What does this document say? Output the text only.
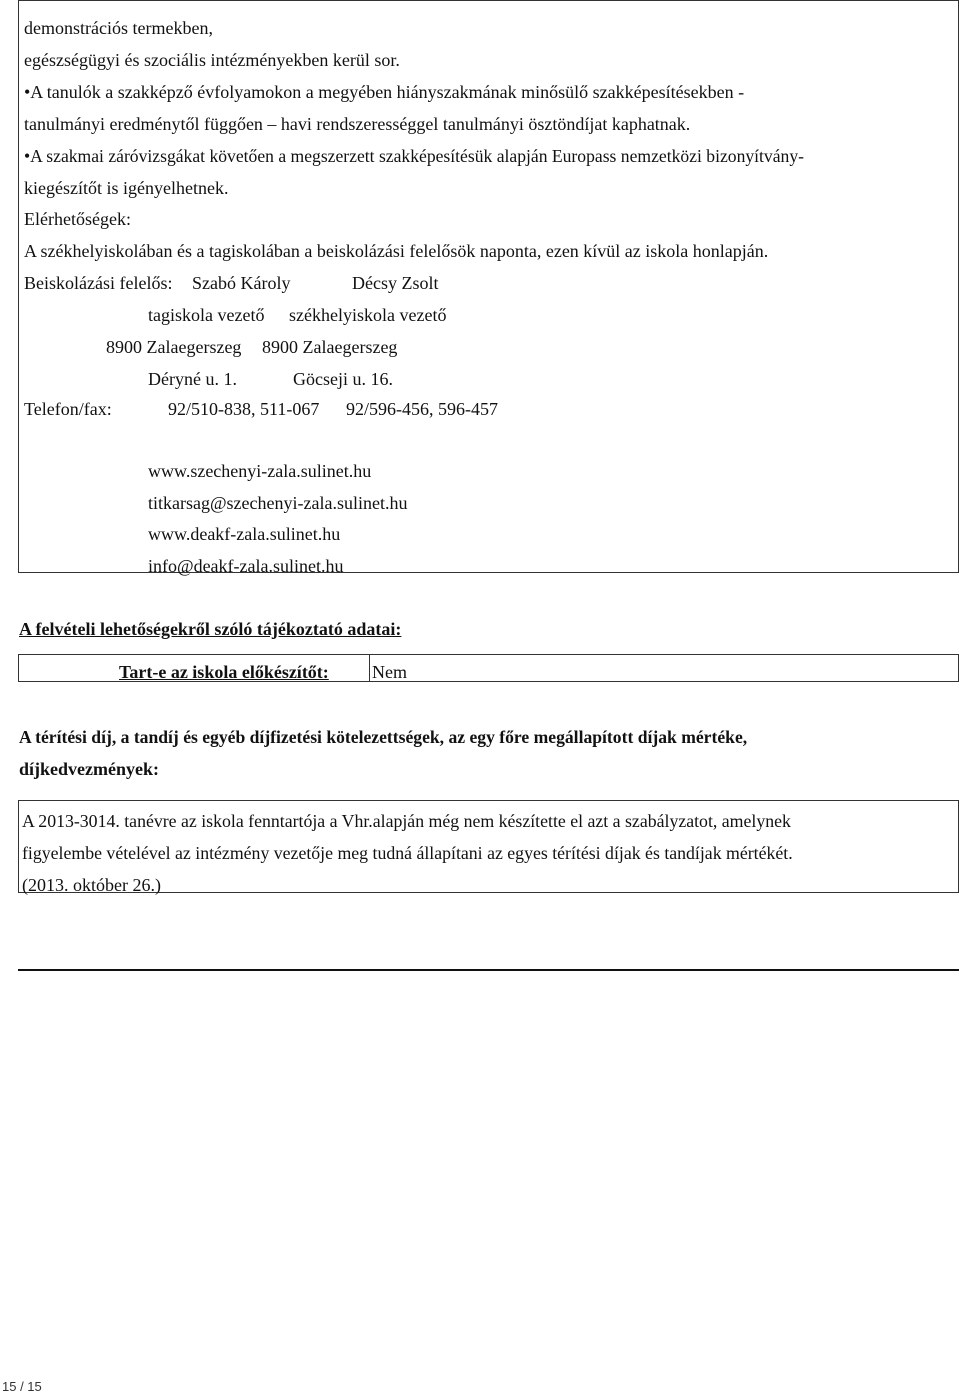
demonstrációs termekben,
egészségügyi és szociális intézményekben kerül sor.
•A tanulók a szakképző évfolyamokon a megyében hiányszakmának minősülő szakképesítésekben -
tanulmányi eredménytől függően – havi rendszerességgel tanulmányi ösztöndíjat kaphatnak.
•A szakmai záróvizsgákat követően a megszerzett szakképesítésük alapján Europass nemzetközi bizonyítvány-
kiegészítőt is igényelhetnek.
Elérhetőségek:
A székhelyiskolában és a tagiskolában a beiskolázási felelősök naponta, ezen kívül az iskola honlapján.
Beiskolázási felelős: Szabó Károly	Décsy Zsolt
tagiskola vezető székhelyiskola vezető
8900 Zalaegerszeg 8900 Zalaegerszeg
Déryné u. 1.	Göcseji u. 16.
Telefon/fax:	92/510-838, 511-067 92/596-456, 596-457
www.szechenyi-zala.sulinet.hu
titkarsag@szechenyi-zala.sulinet.hu
www.deakf-zala.sulinet.hu
info@deakf-zala.sulinet.hu
A felvételi lehetőségekről szóló tájékoztató adatai:
Tart-e az iskola előkészítőt: Nem
A térítési díj, a tandíj és egyéb díjfizetési kötelezettségek, az egy főre megállapított díjak mértéke,
díjkedvezmények:
A 2013-3014. tanévre az iskola fenntartója a Vhr.alapján még nem készítette el azt a szabályzatot, amelynek
figyelembe vételével az intézmény vezetője meg tudná állapítani az egyes térítési díjak és tandíjak mértékét.
(2013. október 26.)
15 / 15
